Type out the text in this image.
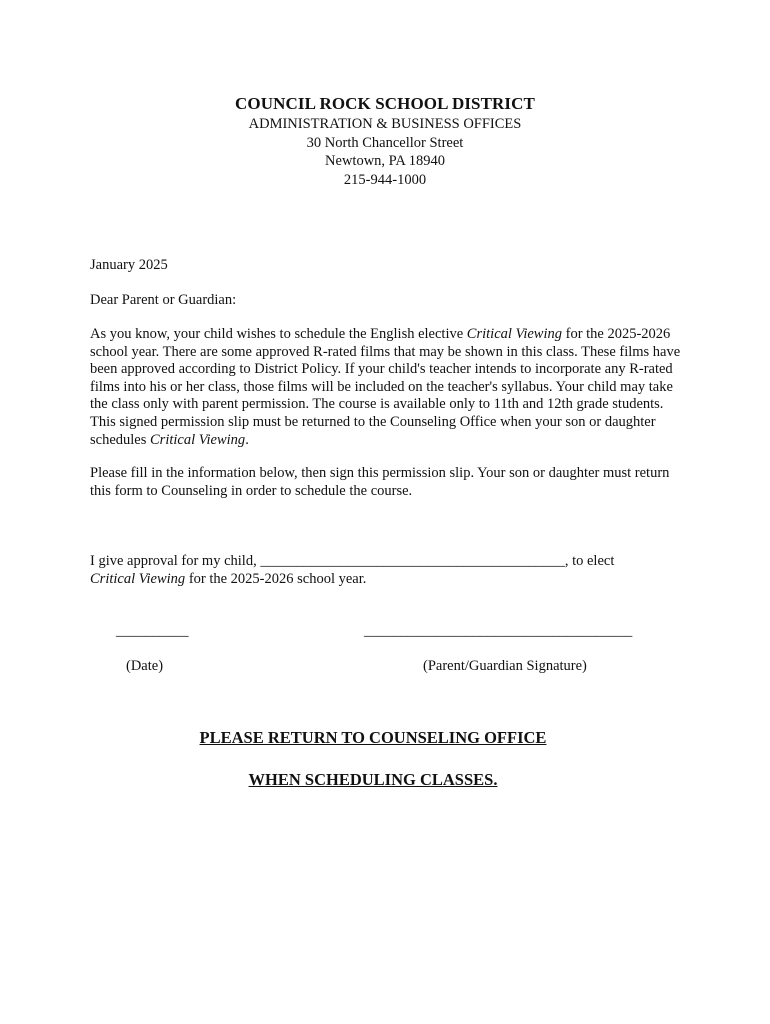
COUNCIL ROCK SCHOOL DISTRICT
ADMINISTRATION & BUSINESS OFFICES
30 North Chancellor Street
Newtown, PA 18940
215-944-1000
January 2025
Dear Parent or Guardian:

As you know, your child wishes to schedule the English elective Critical Viewing for the 2025-2026 school year. There are some approved R-rated films that may be shown in this class. These films have been approved according to District Policy. If your child's teacher intends to incorporate any R-rated films into his or her class, those films will be included on the teacher's syllabus. Your child may take the class only with parent permission. The course is available only to 11th and 12th grade students. This signed permission slip must be returned to the Counseling Office when your son or daughter schedules Critical Viewing.

Please fill in the information below, then sign this permission slip. Your son or daughter must return this form to Counseling in order to schedule the course.

I give approval for my child, __________________________________________, to elect
Critical Viewing for the 2025-2026 school year.

__________	_____________________________________
(Date)	(Parent/Guardian Signature)
PLEASE RETURN TO COUNSELING OFFICE
WHEN SCHEDULING CLASSES.
